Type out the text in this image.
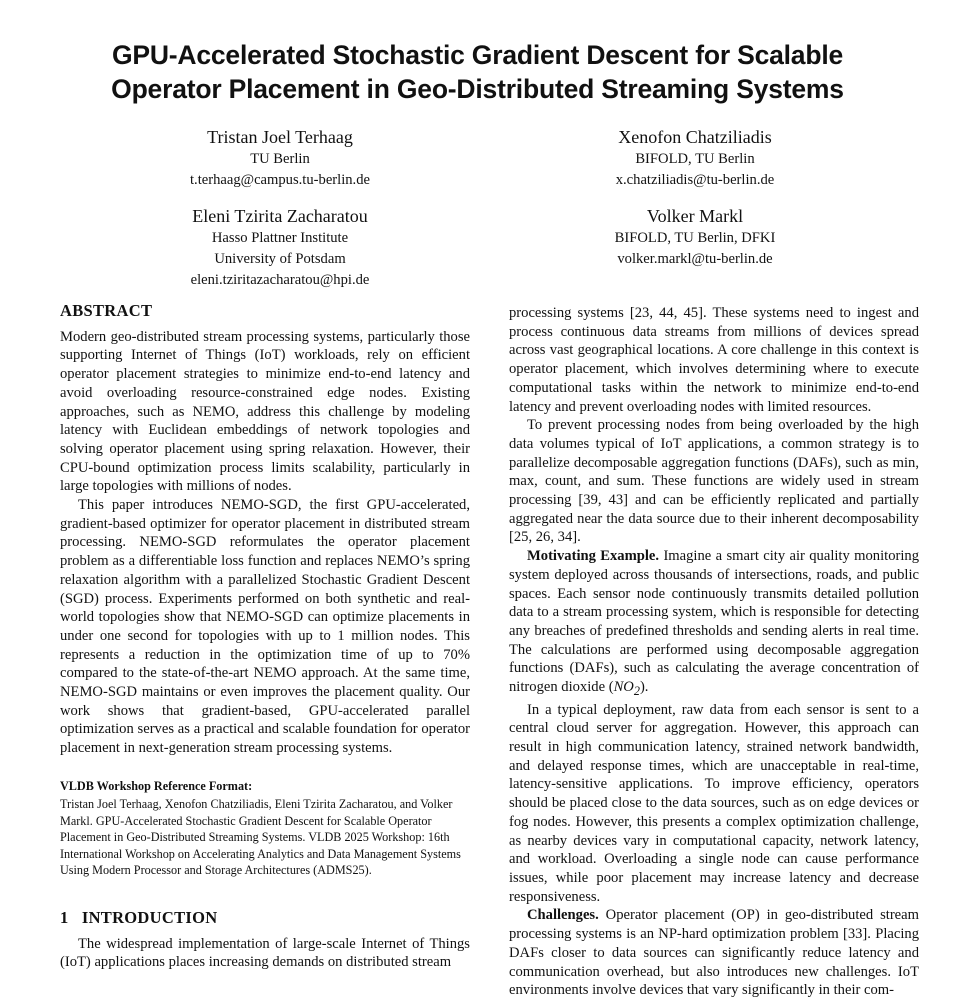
GPU-Accelerated Stochastic Gradient Descent for Scalable
Operator Placement in Geo-Distributed Streaming Systems
Tristan Joel Terhaag
TU Berlin
t.terhaag@campus.tu-berlin.de
Xenofon Chatziliadis
BIFOLD, TU Berlin
x.chatziliadis@tu-berlin.de
Eleni Tzirita Zacharatou
Hasso Plattner Institute
University of Potsdam
eleni.tziritazacharatou@hpi.de
Volker Markl
BIFOLD, TU Berlin, DFKI
volker.markl@tu-berlin.de
ABSTRACT

Modern geo-distributed stream processing systems, particularly those supporting Internet of Things (IoT) workloads, rely on efficient operator placement strategies to minimize end-to-end latency and avoid overloading resource-constrained edge nodes. Existing approaches, such as NEMO, address this challenge by modeling latency with Euclidean embeddings of network topologies and solving operator placement using spring relaxation. However, their CPU-bound optimization process limits scalability, particularly in large topologies with millions of nodes.

This paper introduces NEMO-SGD, the first GPU-accelerated, gradient-based optimizer for operator placement in distributed stream processing. NEMO-SGD reformulates the operator placement problem as a differentiable loss function and replaces NEMO’s spring relaxation algorithm with a parallelized Stochastic Gradient Descent (SGD) process. Experiments performed on both synthetic and real-world topologies show that NEMO-SGD can optimize placements in under one second for topologies with up to 1 million nodes. This represents a reduction in the optimization time of up to 70% compared to the state-of-the-art NEMO approach. At the same time, NEMO-SGD maintains or even improves the placement quality. Our work shows that gradient-based, GPU-accelerated parallel optimization serves as a practical and scalable foundation for operator placement in next-generation stream processing systems.

VLDB Workshop Reference Format:
Tristan Joel Terhaag, Xenofon Chatziliadis, Eleni Tzirita Zacharatou, and Volker Markl. GPU-Accelerated Stochastic Gradient Descent for Scalable Operator Placement in Geo-Distributed Streaming Systems. VLDB 2025 Workshop: 16th International Workshop on Accelerating Analytics and Data Management Systems Using Modern Processor and Storage Architectures (ADMS25).
1 INTRODUCTION

The widespread implementation of large-scale Internet of Things (IoT) applications places increasing demands on distributed stream

processing systems [23, 44, 45]. These systems need to ingest and process continuous data streams from millions of devices spread across vast geographical locations. A core challenge in this context is operator placement, which involves determining where to execute computational tasks within the network to minimize end-to-end latency and prevent overloading nodes with limited resources.

To prevent processing nodes from being overloaded by the high data volumes typical of IoT applications, a common strategy is to parallelize decomposable aggregation functions (DAFs), such as min, max, count, and sum. These functions are widely used in stream processing [39, 43] and can be efficiently replicated and partially aggregated near the data source due to their inherent decomposability [25, 26, 34].

Motivating Example. Imagine a smart city air quality monitoring system deployed across thousands of intersections, roads, and public spaces. Each sensor node continuously transmits detailed pollution data to a stream processing system, which is responsible for detecting any breaches of predefined thresholds and sending alerts in real time. The calculations are performed using decomposable aggregation functions (DAFs), such as calculating the average concentration of nitrogen dioxide $(NO_2)$.

In a typical deployment, raw data from each sensor is sent to a central cloud server for aggregation. However, this approach can result in high communication latency, strained network bandwidth, and delayed response times, which are unacceptable in real-time, latency-sensitive applications. To improve efficiency, operators should be placed close to the data sources, such as on edge devices or fog nodes. However, this presents a complex optimization challenge, as nearby devices vary in computational capacity, network latency, and workload. Overloading a single node can cause performance issues, while poor placement may increase latency and decrease responsiveness.

Challenges. Operator placement (OP) in geo-distributed stream processing systems is an NP-hard optimization problem [33]. Placing DAFs closer to data sources can significantly reduce latency and communication overhead, but also introduces new challenges. IoT environments involve devices that vary significantly in their com-
